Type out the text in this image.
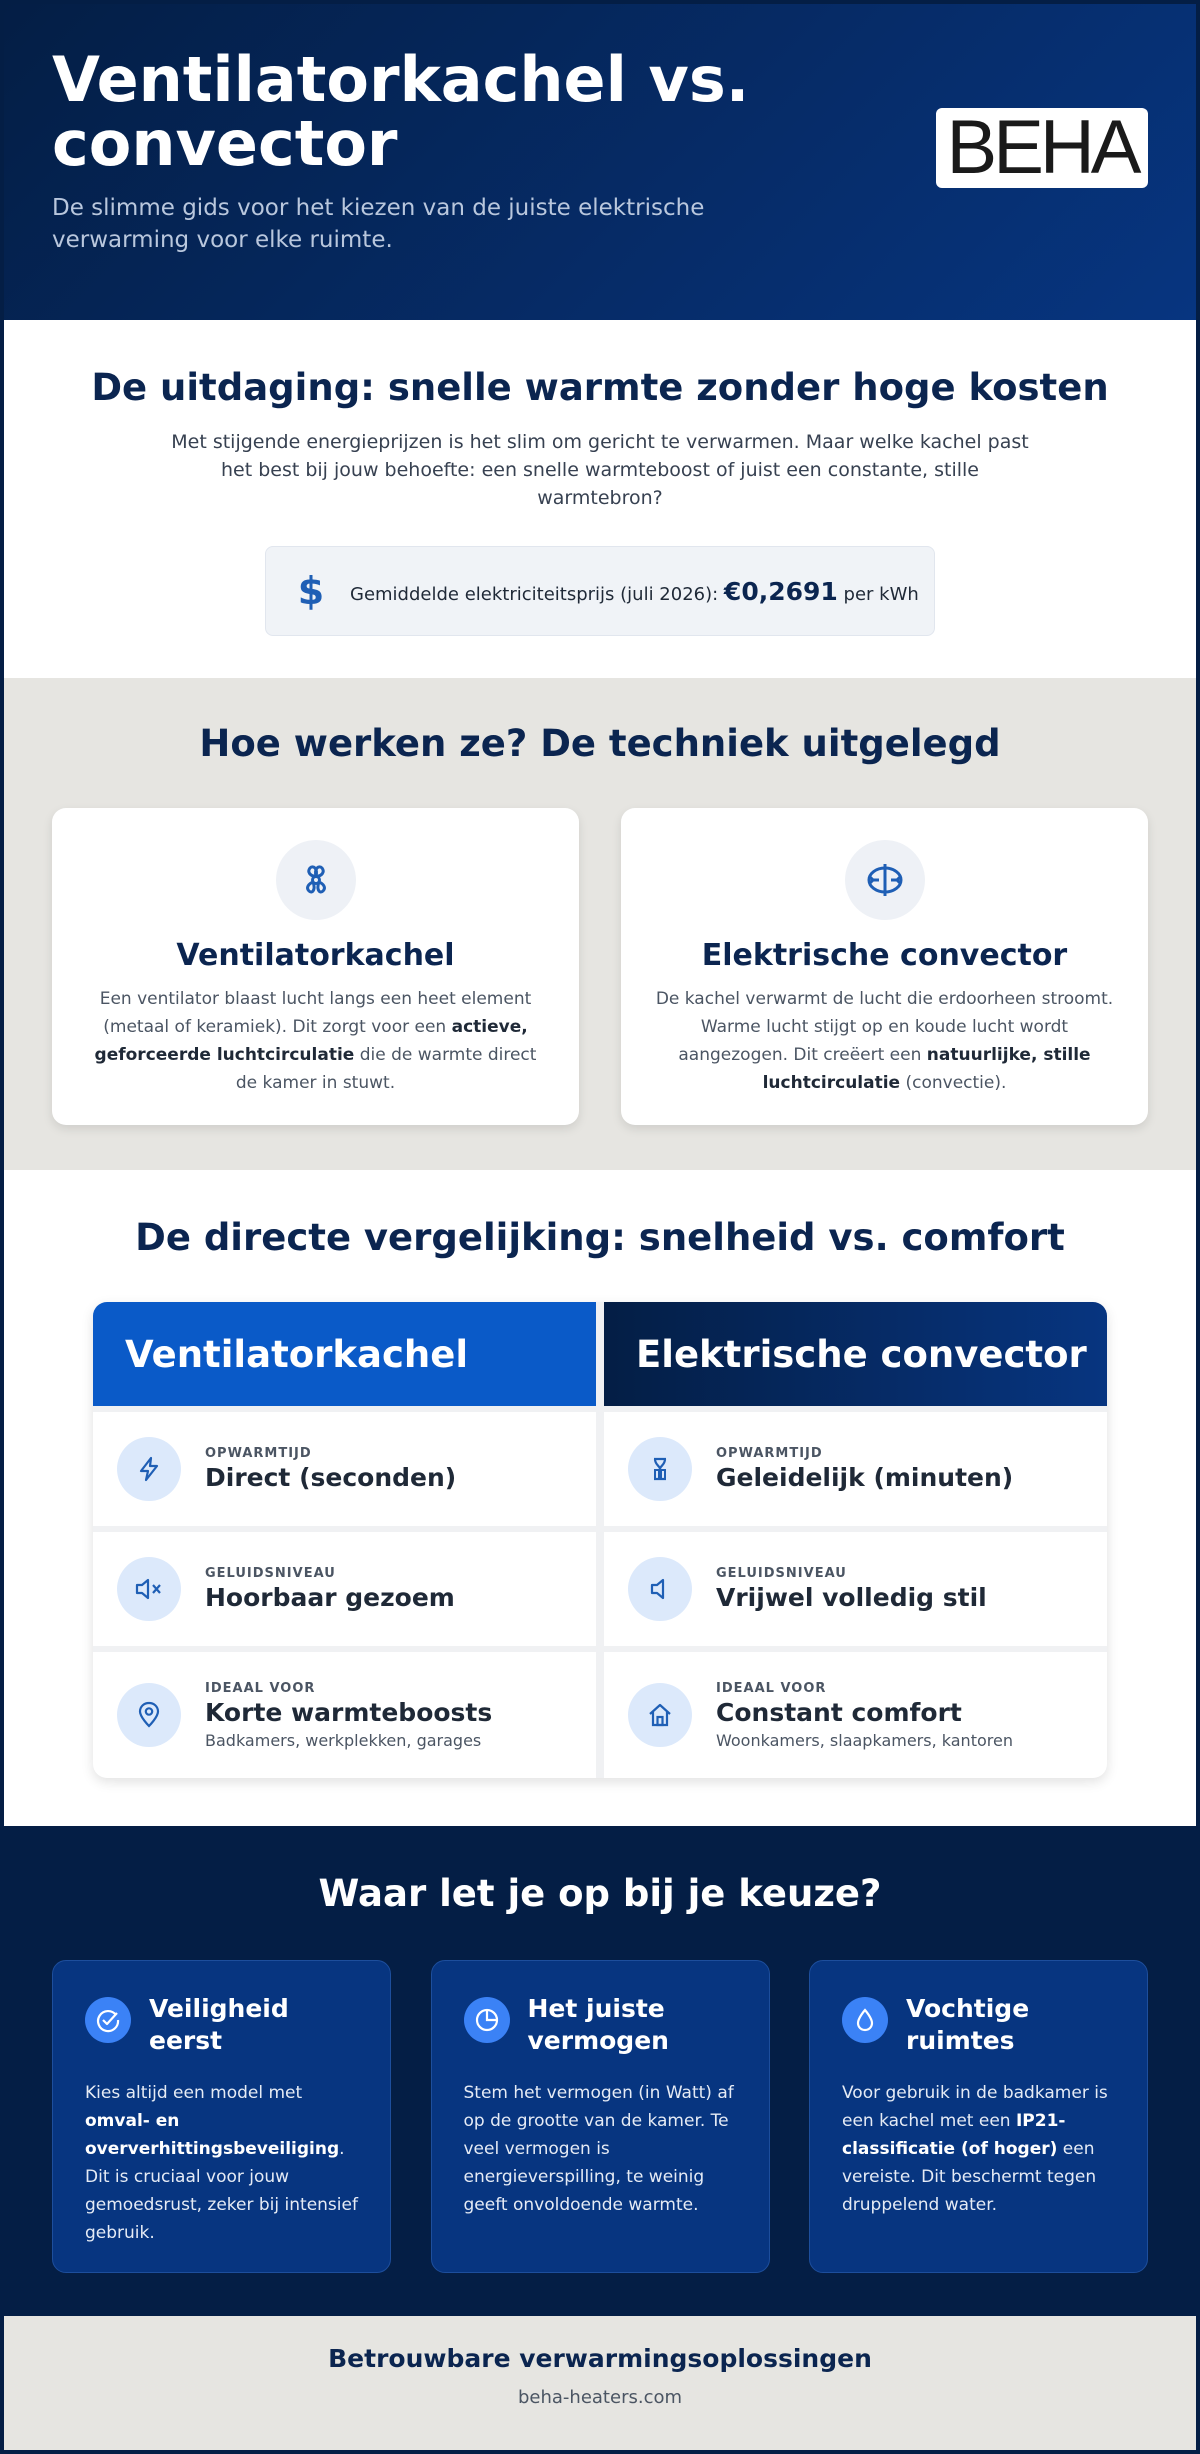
Ventilatorkachel vs. convector

De slimme gids voor het kiezen van de juiste elektrische verwarming voor elke ruimte.

BEHA
De uitdaging: snelle warmte zonder hoge kosten

Met stijgende energieprijzen is het slim om gericht te verwarmen. Maar welke kachel past het best bij jouw behoefte: een snelle warmteboost of juist een constante, stille warmtebron?

$ Gemiddelde elektriciteitsprijs (juli 2026): €0,2691 per kWh
Hoe werken ze? De techniek uitgelegd
Ventilatorkachel

Een ventilator blaast lucht langs een heet element (metaal of keramiek). Dit zorgt voor een actieve, geforceerde luchtcirculatie die de warmte direct de kamer in stuwt.

Elektrische convector

De kachel verwarmt de lucht die erdoorheen stroomt. Warme lucht stijgt op en koude lucht wordt aangezogen. Dit creëert een natuurlijke, stille luchtcirculatie (convectie).

De directe vergelijking: snelheid vs. comfort
Ventilatorkachel
OPWARMTIJD
Direct (seconden)
GELUIDSNIVEAU
Hoorbaar gezoem
IDEAAL VOOR
Korte warmteboosts
Badkamers, werkplekken, garages
Elektrische convector
OPWARMTIJD
Geleidelijk (minuten)
GELUIDSNIVEAU
Vrijwel volledig stil
IDEAAL VOOR
Constant comfort
Woonkamers, slaapkamers, kantoren
Waar let je op bij je keuze?
Veiligheid eerst

Kies altijd een model met omval- en oververhittingsbeveiliging. Dit is cruciaal voor jouw gemoedsrust, zeker bij intensief gebruik.

Het juiste vermogen

Stem het vermogen (in Watt) af op de grootte van de kamer. Te veel vermogen is energieverspilling, te weinig geeft onvoldoende warmte.

Vochtige ruimtes

Voor gebruik in de badkamer is een kachel met een IP21-classificatie (of hoger) een vereiste. Dit beschermt tegen druppelend water.

Betrouwbare verwarmingsoplossingen
beha-heaters.com
